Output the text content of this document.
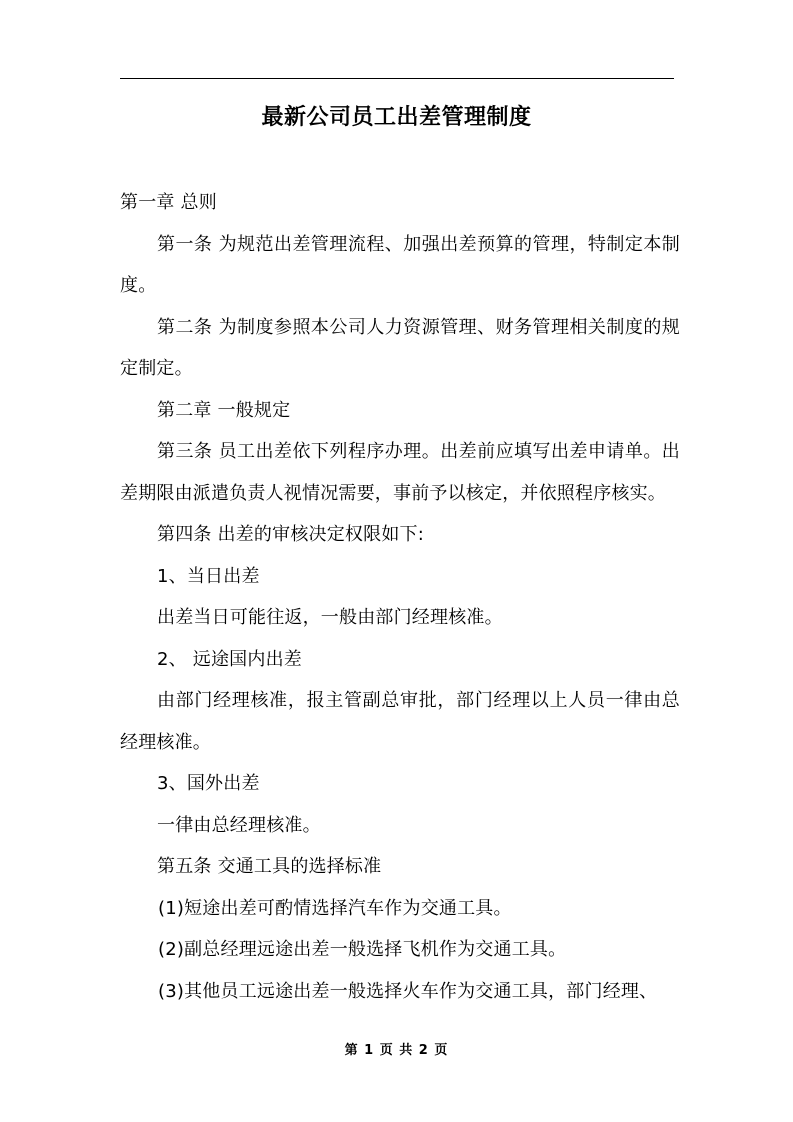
最新公司员工出差管理制度

第一章 总则

第一条 为规范出差管理流程、加强出差预算的管理，特制定本制度。

第二条 为制度参照本公司人力资源管理、财务管理相关制度的规定制定。

第二章 一般规定

第三条 员工出差依下列程序办理。出差前应填写出差申请单。出差期限由派遣负责人视情况需要，事前予以核定，并依照程序核实。

第四条 出差的审核决定权限如下:

1、当日出差

出差当日可能往返，一般由部门经理核准。

2、 远途国内出差

由部门经理核准，报主管副总审批，部门经理以上人员一律由总经理核准。

3、国外出差

一律由总经理核准。

第五条 交通工具的选择标准

(1)短途出差可酌情选择汽车作为交通工具。

(2)副总经理远途出差一般选择飞机作为交通工具。

(3)其他员工远途出差一般选择火车作为交通工具，部门经理、

第 1 页 共 2 页
